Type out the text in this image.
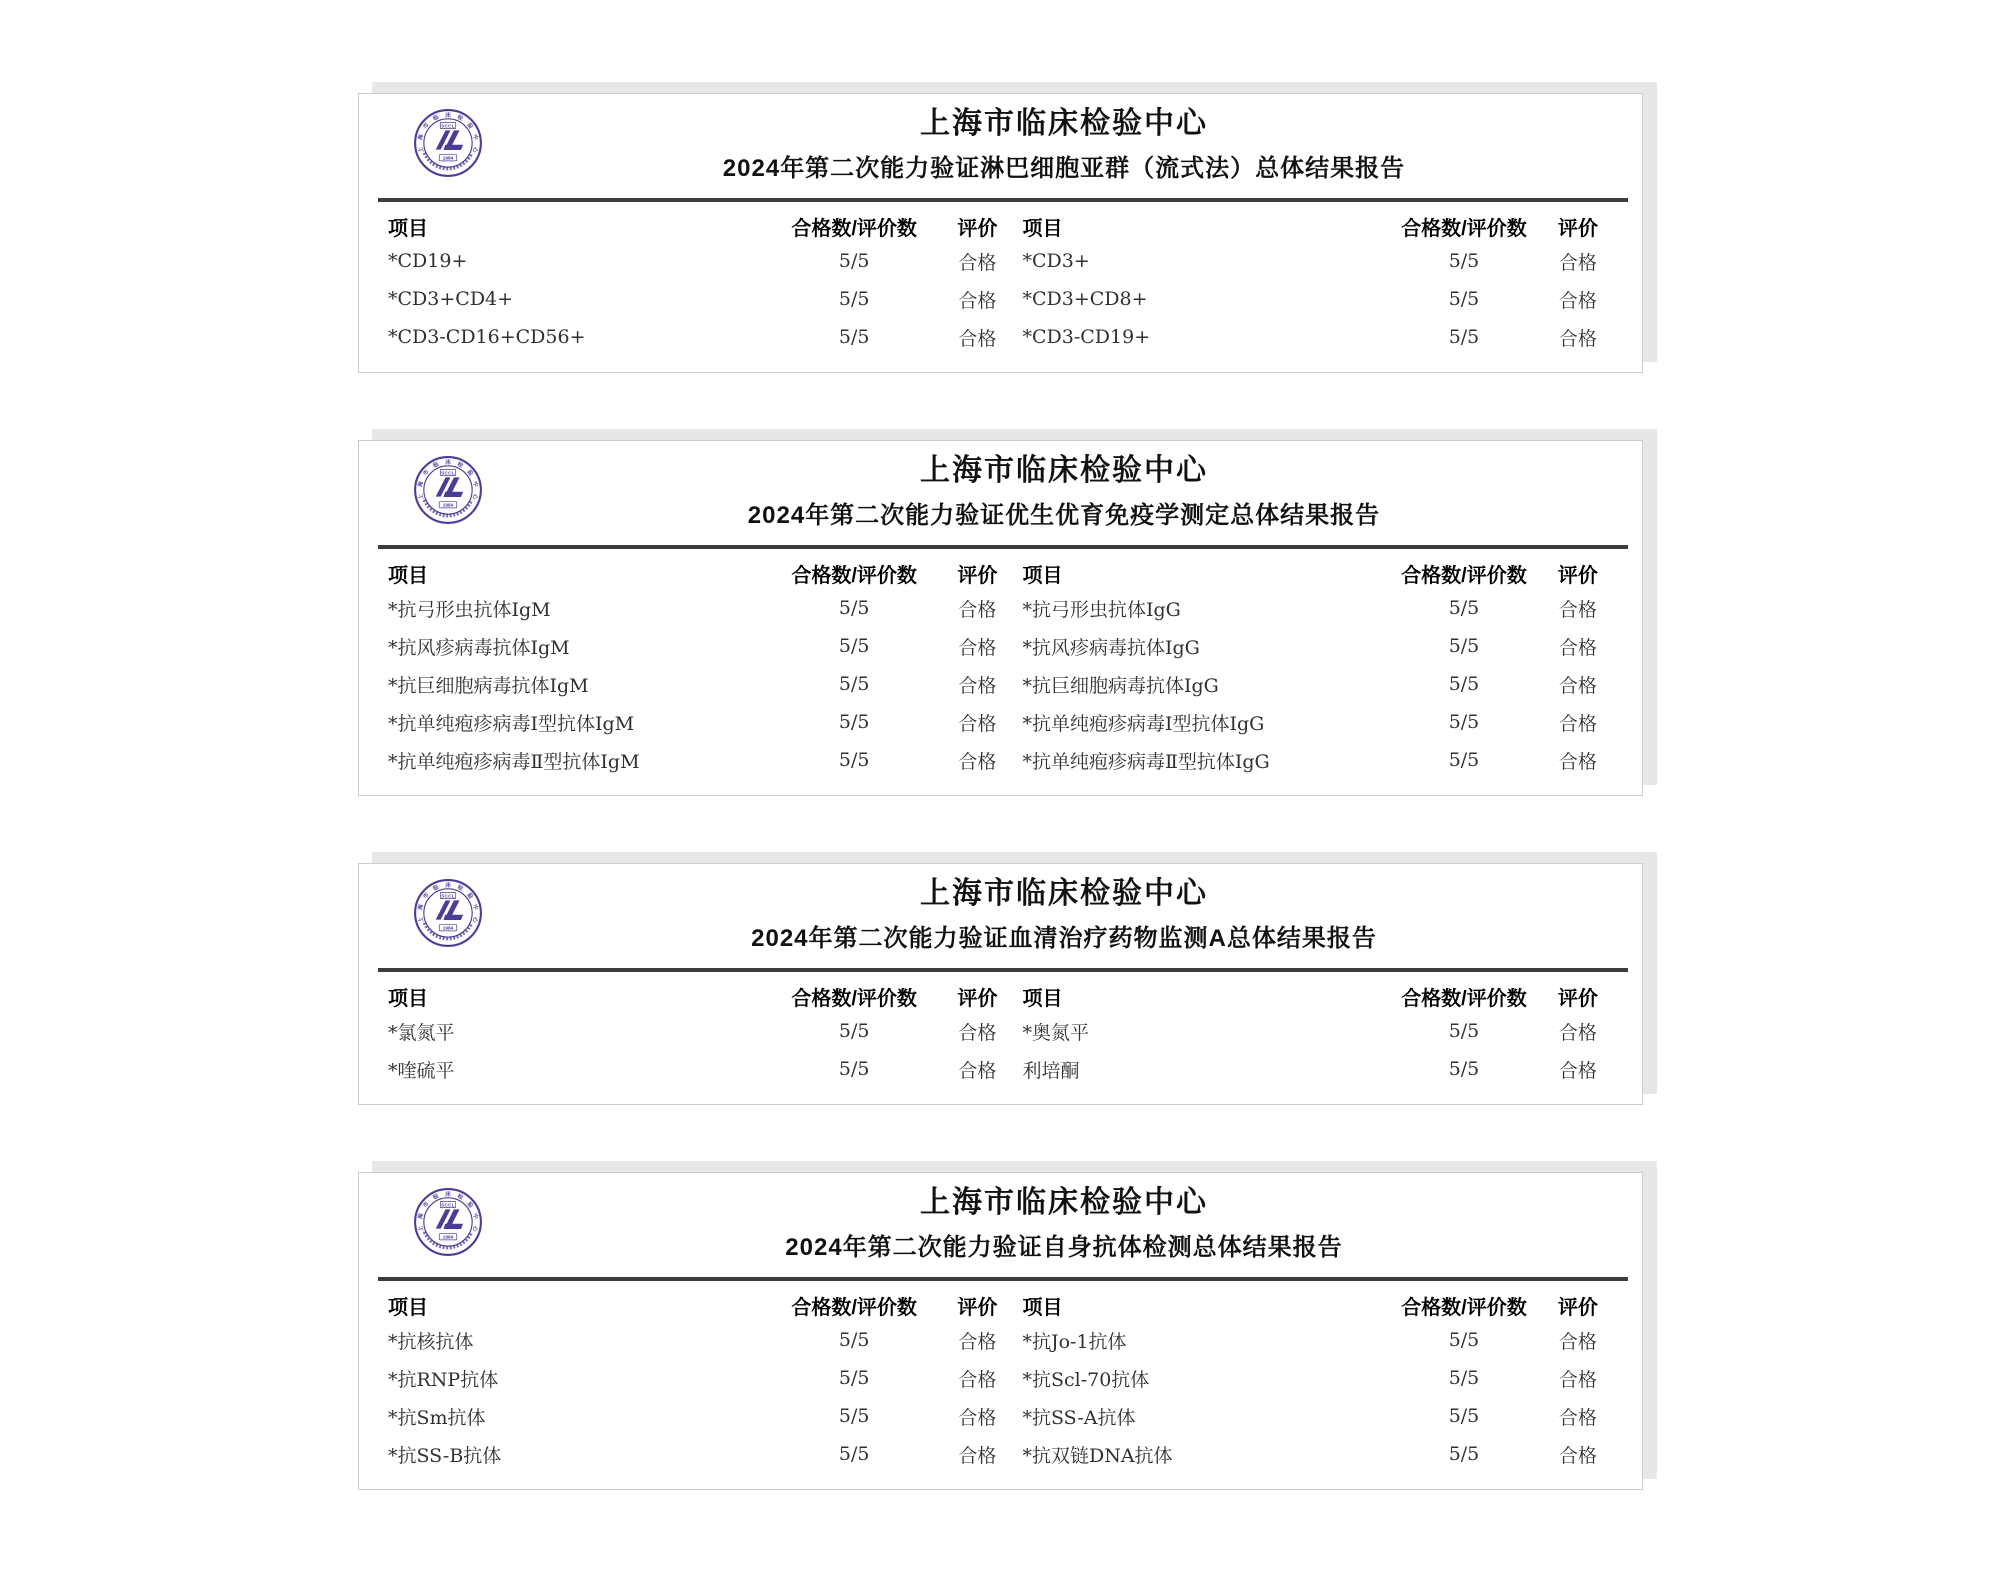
上
海
市
临 床 检
验
中
心
SCCL
1984
上海市临床检验中心
2024年第二次能力验证淋巴细胞亚群（流式法）总体结果报告
项目	合格数/评价数	评价	项目	合格数/评价数	评价
*CD19+	5/5	合格	*CD3+	5/5	合格
*CD3+CD4+	5/5	合格	*CD3+CD8+	5/5	合格
*CD3-CD16+CD56+	5/5	合格	*CD3-CD19+	5/5	合格
上
海
市
临 床 检
验
中
心
SCCL
1984
上海市临床检验中心
2024年第二次能力验证优生优育免疫学测定总体结果报告
项目	合格数/评价数	评价	项目	合格数/评价数	评价
*抗弓形虫抗体IgM	5/5	合格	*抗弓形虫抗体IgG	5/5	合格
*抗风疹病毒抗体IgM	5/5	合格	*抗风疹病毒抗体IgG	5/5	合格
*抗巨细胞病毒抗体IgM	5/5	合格	*抗巨细胞病毒抗体IgG	5/5	合格
*抗单纯疱疹病毒Ⅰ型抗体IgM	5/5	合格	*抗单纯疱疹病毒Ⅰ型抗体IgG	5/5	合格
*抗单纯疱疹病毒Ⅱ型抗体IgM	5/5	合格	*抗单纯疱疹病毒Ⅱ型抗体IgG	5/5	合格
上
海
市
临 床 检
验
中
心
SCCL
1984
上海市临床检验中心
2024年第二次能力验证血清治疗药物监测A总体结果报告
项目	合格数/评价数	评价	项目	合格数/评价数	评价
*氯氮平	5/5	合格	*奥氮平	5/5	合格
*喹硫平	5/5	合格	利培酮	5/5	合格
上
海
市
临 床 检
验
中
心
SCCL
1984
上海市临床检验中心
2024年第二次能力验证自身抗体检测总体结果报告
项目	合格数/评价数	评价	项目	合格数/评价数	评价
*抗核抗体	5/5	合格	*抗Jo-1抗体	5/5	合格
*抗RNP抗体	5/5	合格	*抗Scl-70抗体	5/5	合格
*抗Sm抗体	5/5	合格	*抗SS-A抗体	5/5	合格
*抗SS-B抗体	5/5	合格	*抗双链DNA抗体	5/5	合格
